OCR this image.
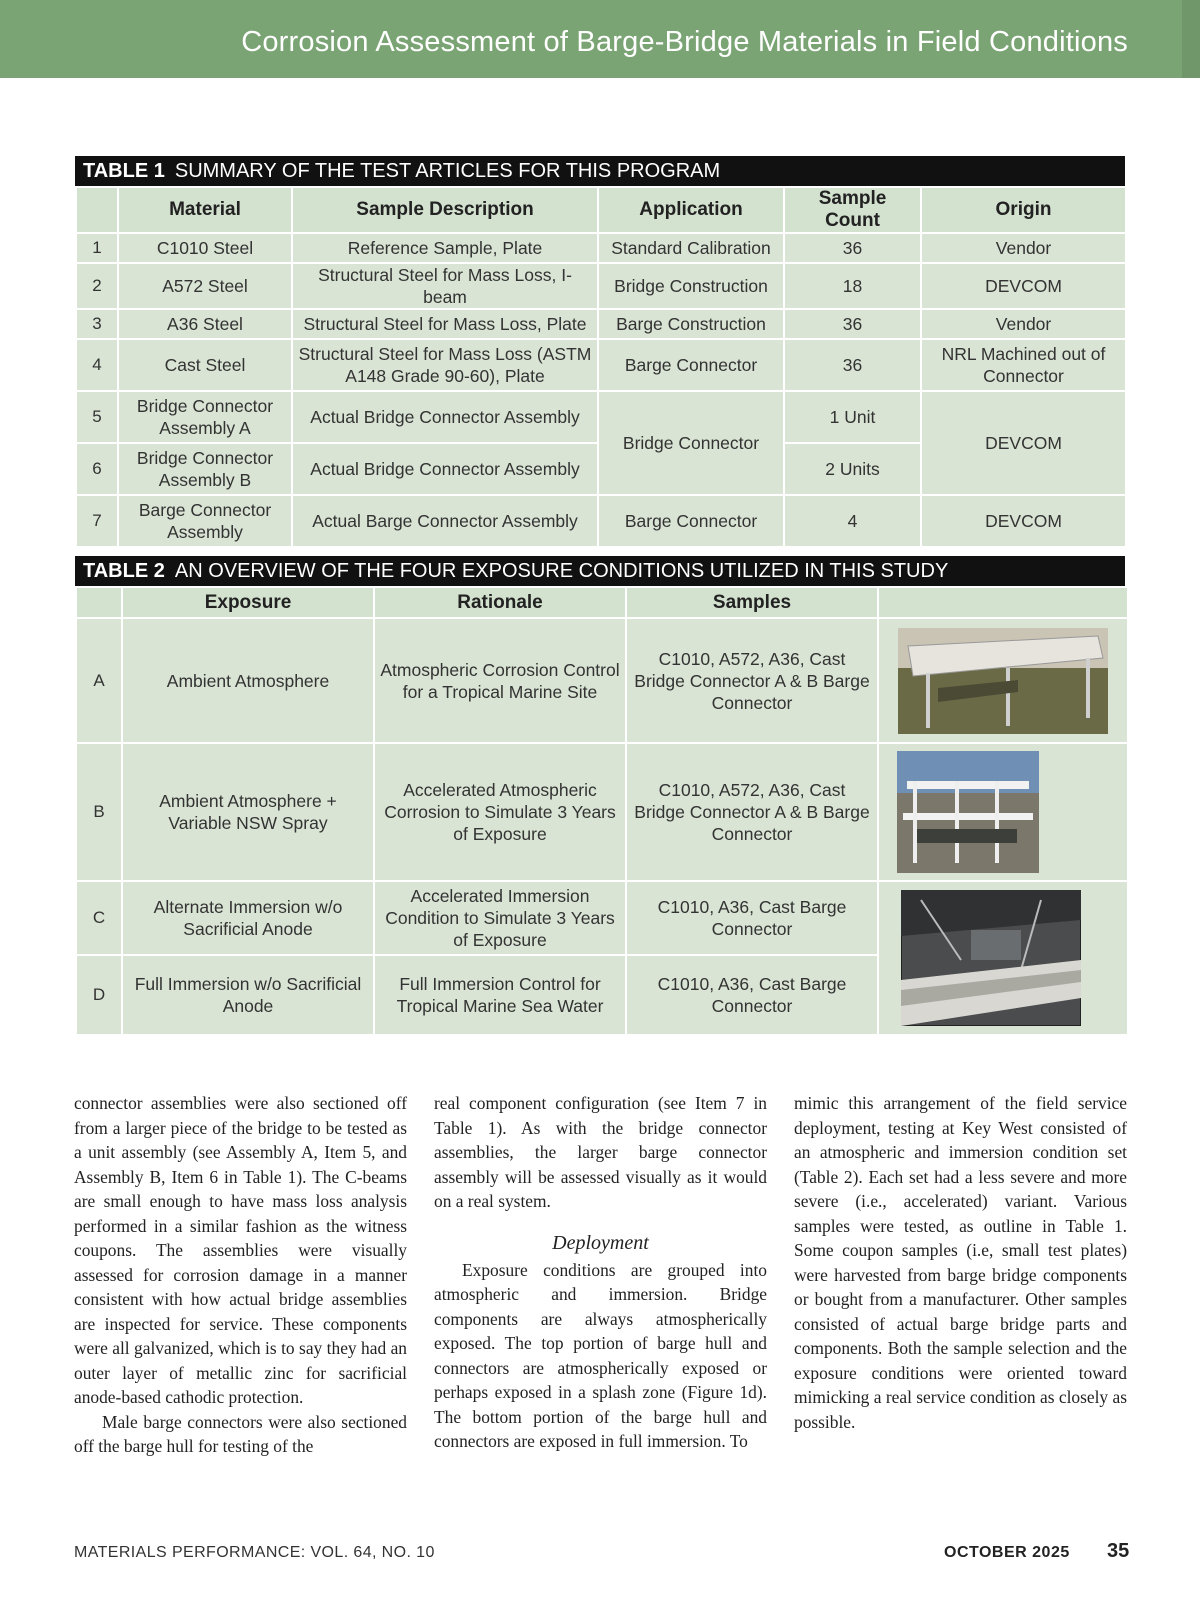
Corrosion Assessment of Barge-Bridge Materials in Field Conditions
TABLE 1 SUMMARY OF THE TEST ARTICLES FOR THIS PROGRAM
	Material	Sample Description	Application	Sample Count	Origin
1	C1010 Steel	Reference Sample, Plate	Standard Calibration	36	Vendor
2	A572 Steel	Structural Steel for Mass Loss, I-beam	Bridge Construction	18	DEVCOM
3	A36 Steel	Structural Steel for Mass Loss, Plate	Barge Construction	36	Vendor
4	Cast Steel	Structural Steel for Mass Loss (ASTM A148 Grade 90-60), Plate	Barge Connector	36	NRL Machined out of Connector
5	Bridge Connector Assembly A	Actual Bridge Connector Assembly	Bridge Connector	1 Unit	DEVCOM
6	Bridge Connector Assembly B	Actual Bridge Connector Assembly		2 Units	
7	Barge Connector Assembly	Actual Barge Connector Assembly	Barge Connector	4	DEVCOM
TABLE 2 AN OVERVIEW OF THE FOUR EXPOSURE CONDITIONS UTILIZED IN THIS STUDY
	Exposure	Rationale	Samples	
A	Ambient Atmosphere	Atmospheric Corrosion Control for a Tropical Marine Site	C1010, A572, A36, Cast Bridge Connector A & B Barge Connector	

B	Ambient Atmosphere + Variable NSW Spray	Accelerated Atmospheric Corrosion to Simulate 3 Years of Exposure	C1010, A572, A36, Cast Bridge Connector A & B Barge Connector	

C	Alternate Immersion w/o Sacrificial Anode	Accelerated Immersion Condition to Simulate 3 Years of Exposure	C1010, A36, Cast Barge Connector	

D	Full Immersion w/o Sacrificial Anode	Full Immersion Control for Tropical Marine Sea Water	C1010, A36, Cast Barge Connector	

connector assemblies were also sectioned off from a larger piece of the bridge to be tested as a unit assembly (see Assembly A, Item 5, and Assembly B, Item 6 in Table 1). The C-beams are small enough to have mass loss analysis performed in a similar fashion as the witness coupons. The assemblies were visually assessed for corrosion damage in a manner consistent with how actual bridge assemblies are inspected for service. These components were all galvanized, which is to say they had an outer layer of metallic zinc for sacrificial anode-based cathodic protection.

Male barge connectors were also sectioned off the barge hull for testing of the

real component configuration (see Item 7 in Table 1). As with the bridge connector assemblies, the larger barge connector assembly will be assessed visually as it would on a real system.

Deployment

Exposure conditions are grouped into atmospheric and immersion. Bridge components are always atmospherically exposed. The top portion of barge hull and connectors are atmospherically exposed or perhaps exposed in a splash zone (Figure 1d). The bottom portion of the barge hull and connectors are exposed in full immersion. To

mimic this arrangement of the field service deployment, testing at Key West consisted of an atmospheric and immersion condition set (Table 2). Each set had a less severe and more severe (i.e., accelerated) variant. Various samples were tested, as outline in Table 1. Some coupon samples (i.e, small test plates) were harvested from barge bridge components or bought from a manufacturer. Other samples consisted of actual barge bridge parts and components. Both the sample selection and the exposure conditions were oriented toward mimicking a real service condition as closely as possible.

MATERIALS PERFORMANCE: VOL. 64, NO. 10	OCTOBER 2025 35
